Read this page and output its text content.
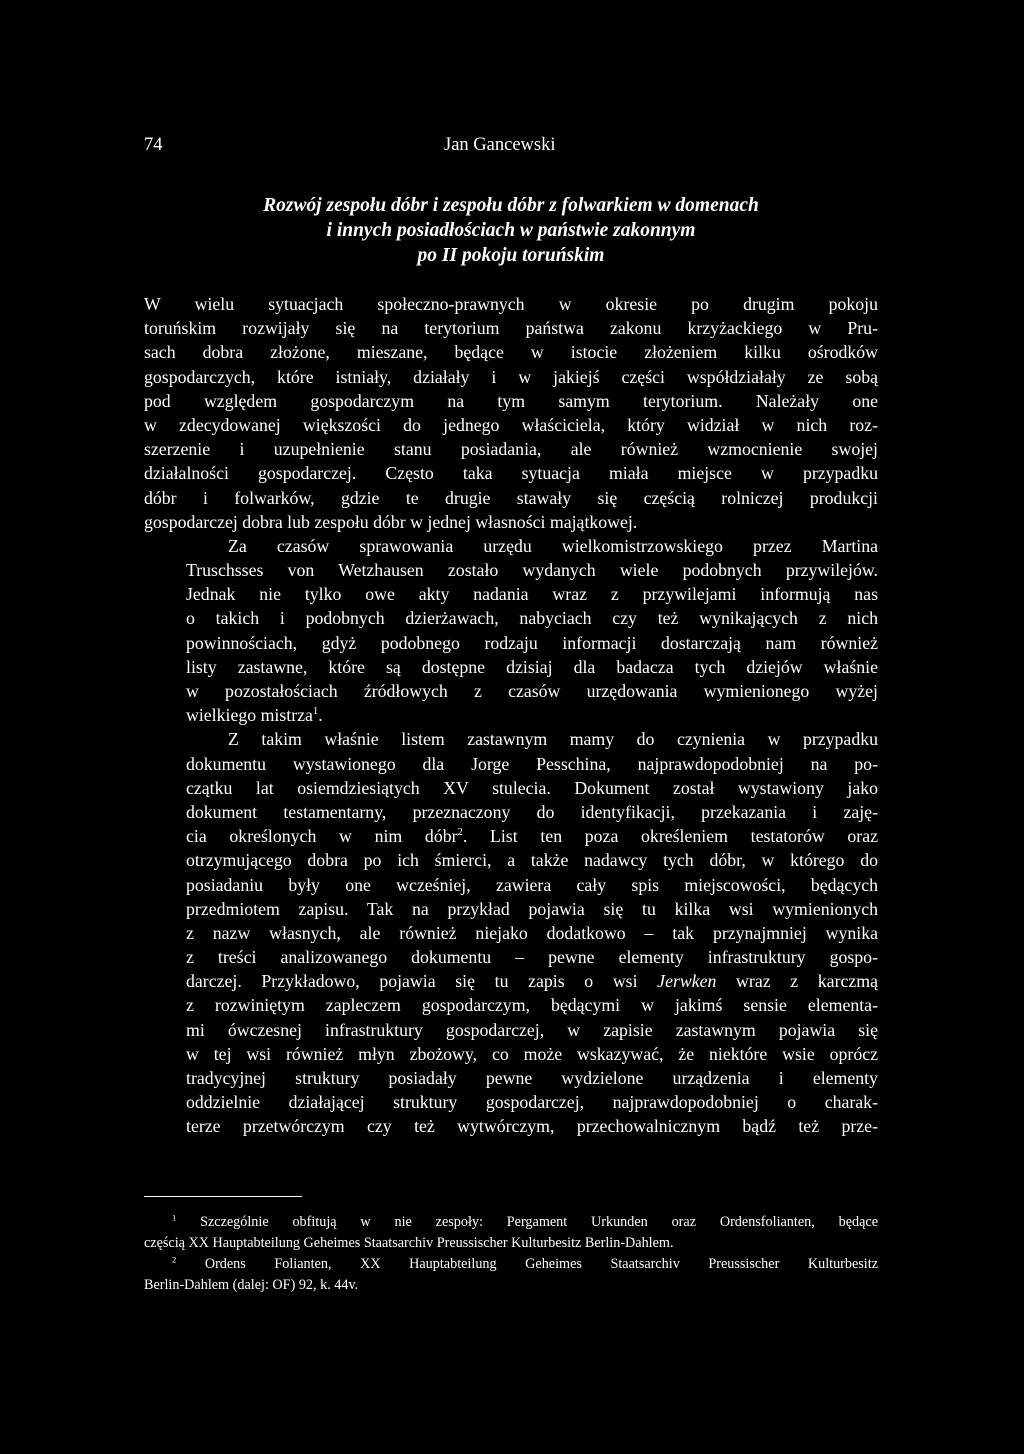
74	Jan Gancewski
Rozwój zespołu dóbr i zespołu dóbr z folwarkiem w domenach
i innych posiadłościach w państwie zakonnym
po II pokoju toruńskim
W wielu sytuacjach społeczno-prawnych w okresie po drugim pokoju
toruńskim rozwijały się na terytorium państwa zakonu krzyżackiego w Pru-
sach dobra złożone, mieszane, będące w istocie złożeniem kilku ośrodków
gospodarczych, które istniały, działały i w jakiejś części współdziałały ze sobą
pod względem gospodarczym na tym samym terytorium. Należały one
w zdecydowanej większości do jednego właściciela, który widział w nich roz-
szerzenie i uzupełnienie stanu posiadania, ale również wzmocnienie swojej
działalności gospodarczej. Często taka sytuacja miała miejsce w przypadku
dóbr i folwarków, gdzie te drugie stawały się częścią rolniczej produkcji
gospodarczej dobra lub zespołu dóbr w jednej własności majątkowej.
Za czasów sprawowania urzędu wielkomistrzowskiego przez Martina
Truschsses von Wetzhausen zostało wydanych wiele podobnych przywilejów.
Jednak nie tylko owe akty nadania wraz z przywilejami informują nas
o takich i podobnych dzierżawach, nabyciach czy też wynikających z nich
powinnościach, gdyż podobnego rodzaju informacji dostarczają nam również
listy zastawne, które są dostępne dzisiaj dla badacza tych dziejów właśnie
w pozostałościach źródłowych z czasów urzędowania wymienionego wyżej
wielkiego mistrza$^1$.
Z takim właśnie listem zastawnym mamy do czynienia w przypadku
dokumentu wystawionego dla Jorge Pesschina, najprawdopodobniej na po-
czątku lat osiemdziesiątych XV stulecia. Dokument został wystawiony jako
dokument testamentarny, przeznaczony do identyfikacji, przekazania i zaję-
cia określonych w nim dóbr$^2$. List ten poza określeniem testatorów oraz
otrzymującego dobra po ich śmierci, a także nadawcy tych dóbr, w którego do
posiadaniu były one wcześniej, zawiera cały spis miejscowości, będących
przedmiotem zapisu. Tak na przykład pojawia się tu kilka wsi wymienionych
z nazw własnych, ale również niejako dodatkowo – tak przynajmniej wynika
z treści analizowanego dokumentu – pewne elementy infrastruktury gospo-
darczej. Przykładowo, pojawia się tu zapis o wsi Jerwken wraz z karczmą
z rozwiniętym zapleczem gospodarczym, będącymi w jakimś sensie elementa-
mi ówczesnej infrastruktury gospodarczej, w zapisie zastawnym pojawia się
w tej wsi również młyn zbożowy, co może wskazywać, że niektóre wsie oprócz
tradycyjnej struktury posiadały pewne wydzielone urządzenia i elementy
oddzielnie działającej struktury gospodarczej, najprawdopodobniej o charak-
terze przetwórczym czy też wytwórczym, przechowalnicznym bądź też prze-
$^1$ Szczególnie obfitują w nie zespoły: Pergament Urkunden oraz Ordensfolianten, będące
częścią XX Hauptabteilung Geheimes Staatsarchiv Preussischer Kulturbesitz Berlin-Dahlem.
$^2$ Ordens Folianten, XX Hauptabteilung Geheimes Staatsarchiv Preussischer Kulturbesitz
Berlin-Dahlem (dalej: OF) 92, k. 44v.
